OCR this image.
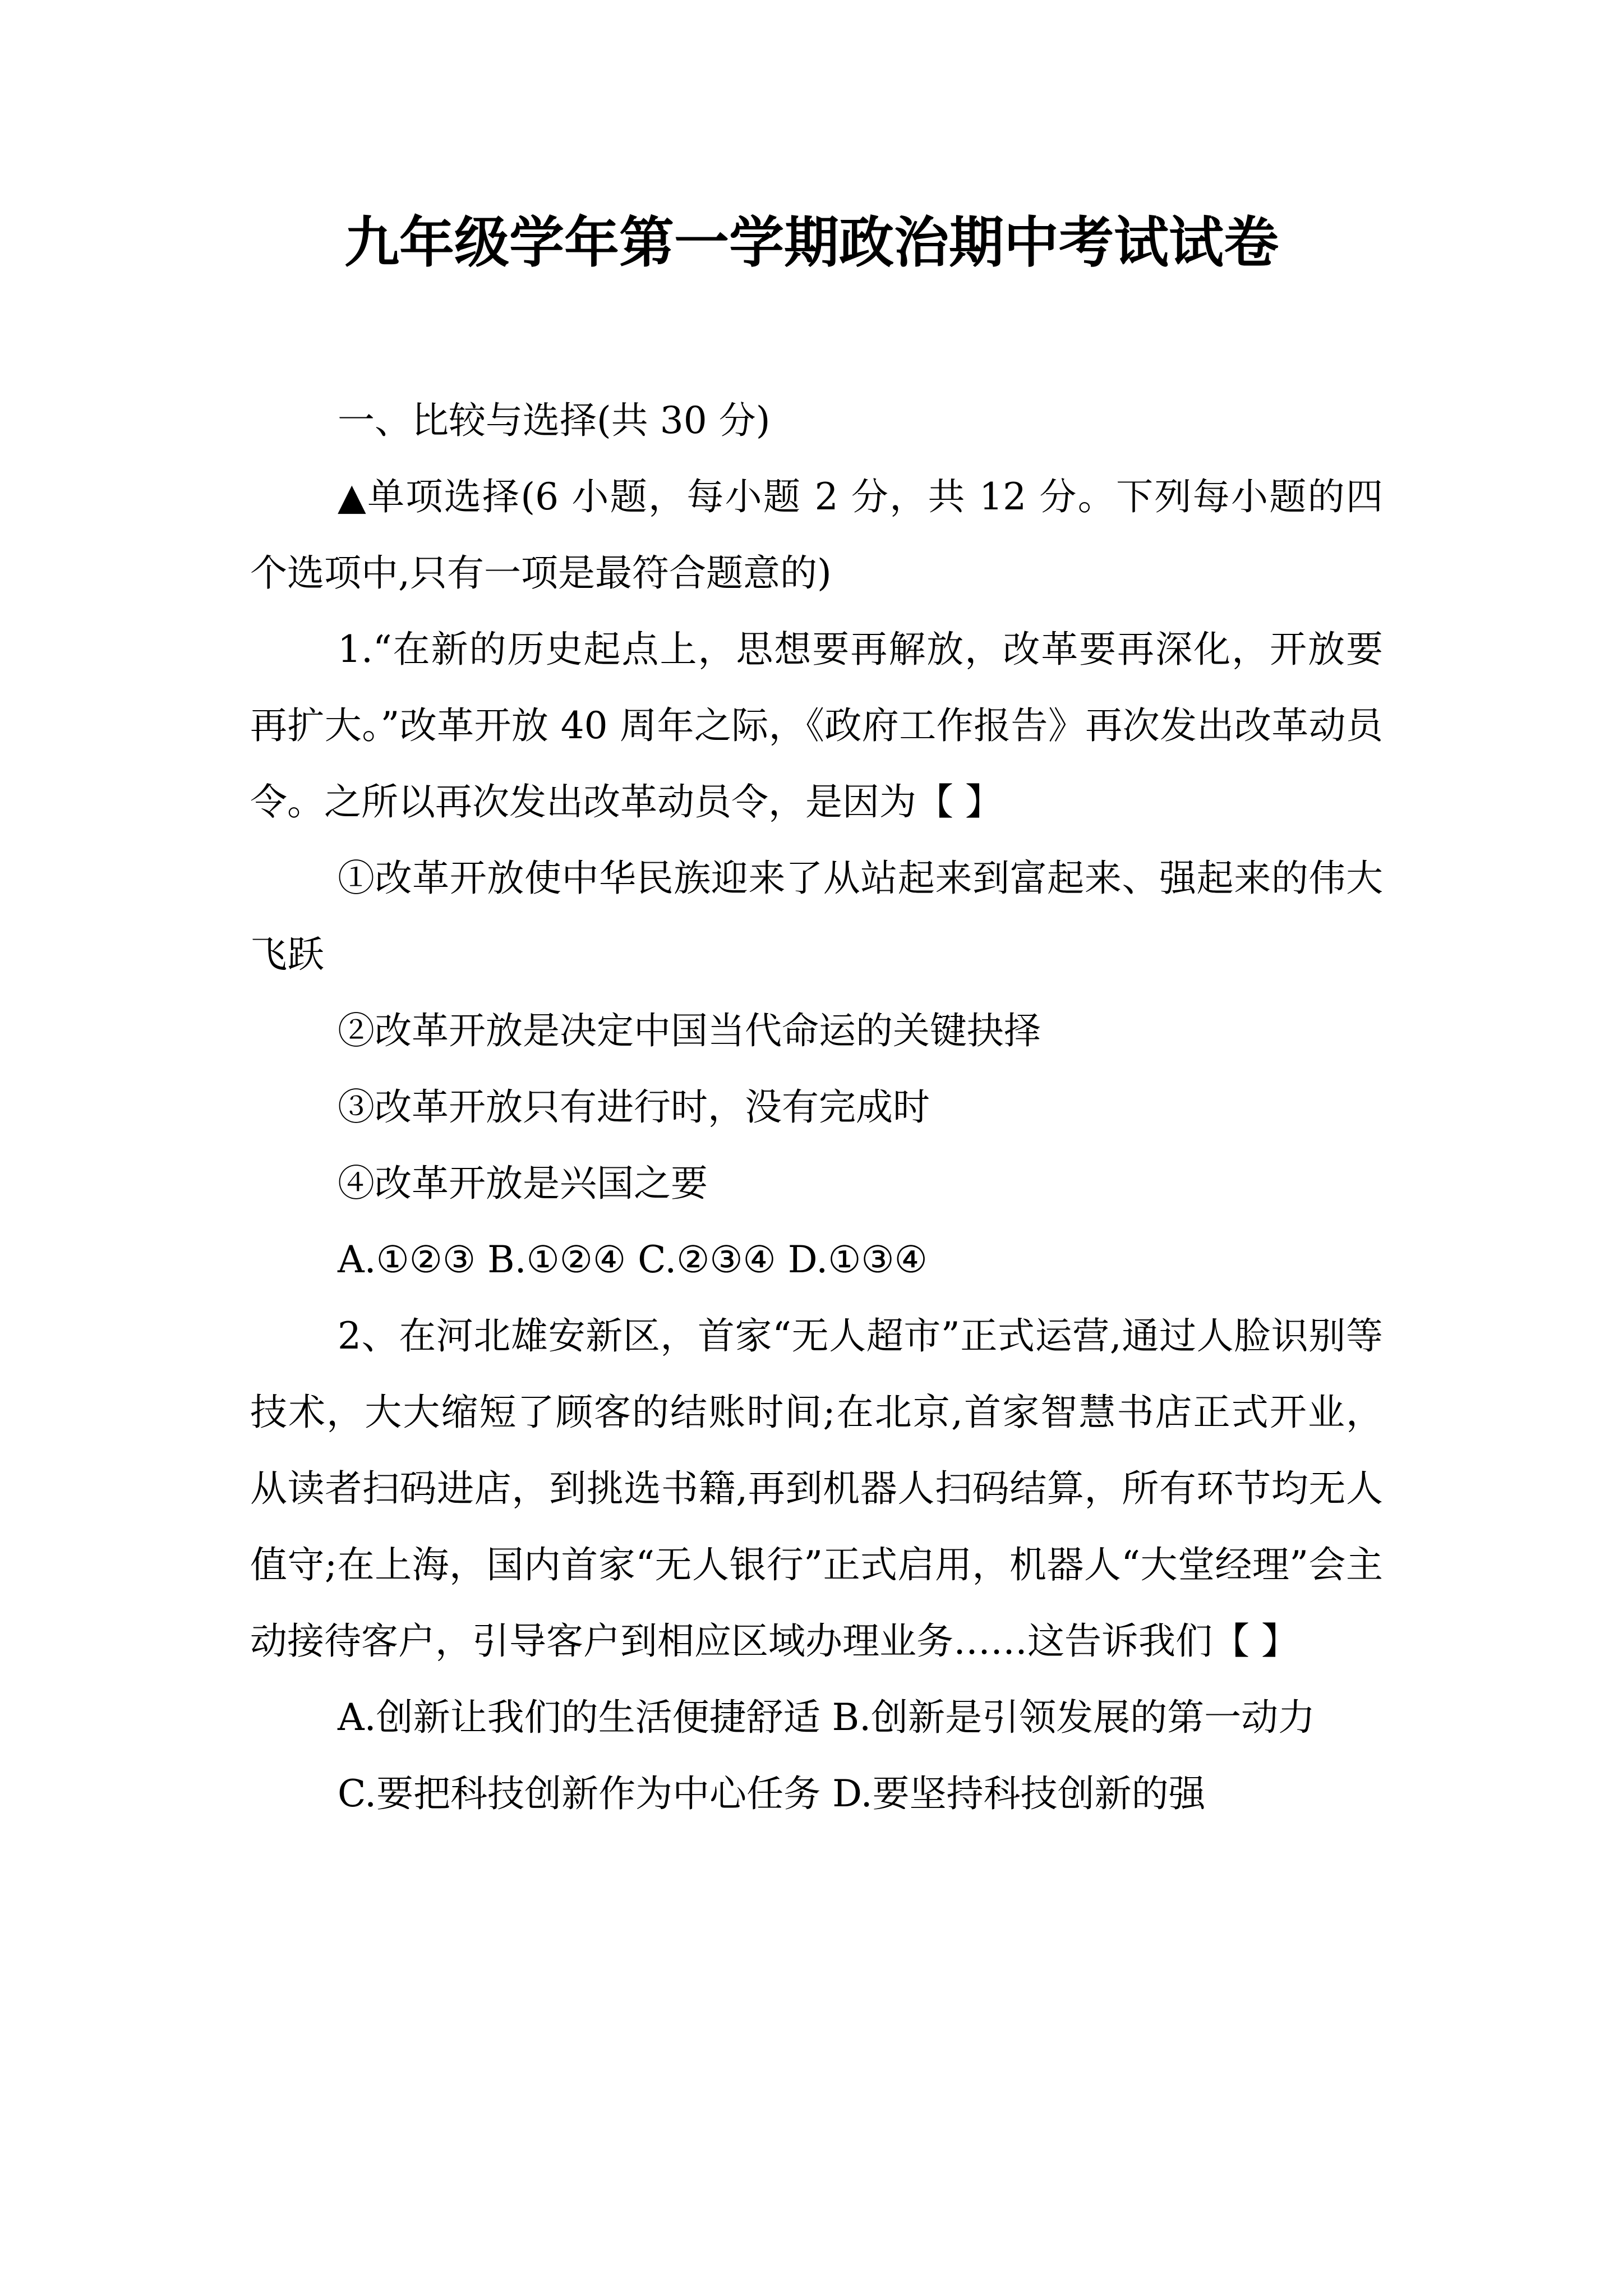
九年级学年第一学期政治期中考试试卷

一、比较与选择(共 30 分)

▲单项选择(6 小题，每小题 2 分，共 12 分。下列每小题的四个选项中,只有一项是最符合题意的)

1.“在新的历史起点上，思想要再解放，改革要再深化，开放要再扩大。”改革开放 40 周年之际，《政府工作报告》再次发出改革动员令。之所以再次发出改革动员令，是因为【 】

①改革开放使中华民族迎来了从站起来到富起来、强起来的伟大飞跃

②改革开放是决定中国当代命运的关键抉择

③改革开放只有进行时，没有完成时

④改革开放是兴国之要

A.①②③ B.①②④ C.②③④ D.①③④

2、在河北雄安新区，首家“无人超市”正式运营,通过人脸识别等技术，大大缩短了顾客的结账时间;在北京,首家智慧书店正式开业，从读者扫码进店，到挑选书籍,再到机器人扫码结算，所有环节均无人值守;在上海，国内首家“无人银行”正式启用，机器人“大堂经理”会主动接待客户，引导客户到相应区域办理业务……这告诉我们【 】

A.创新让我们的生活便捷舒适 B.创新是引领发展的第一动力

C.要把科技创新作为中心任务 D.要坚持科技创新的强
